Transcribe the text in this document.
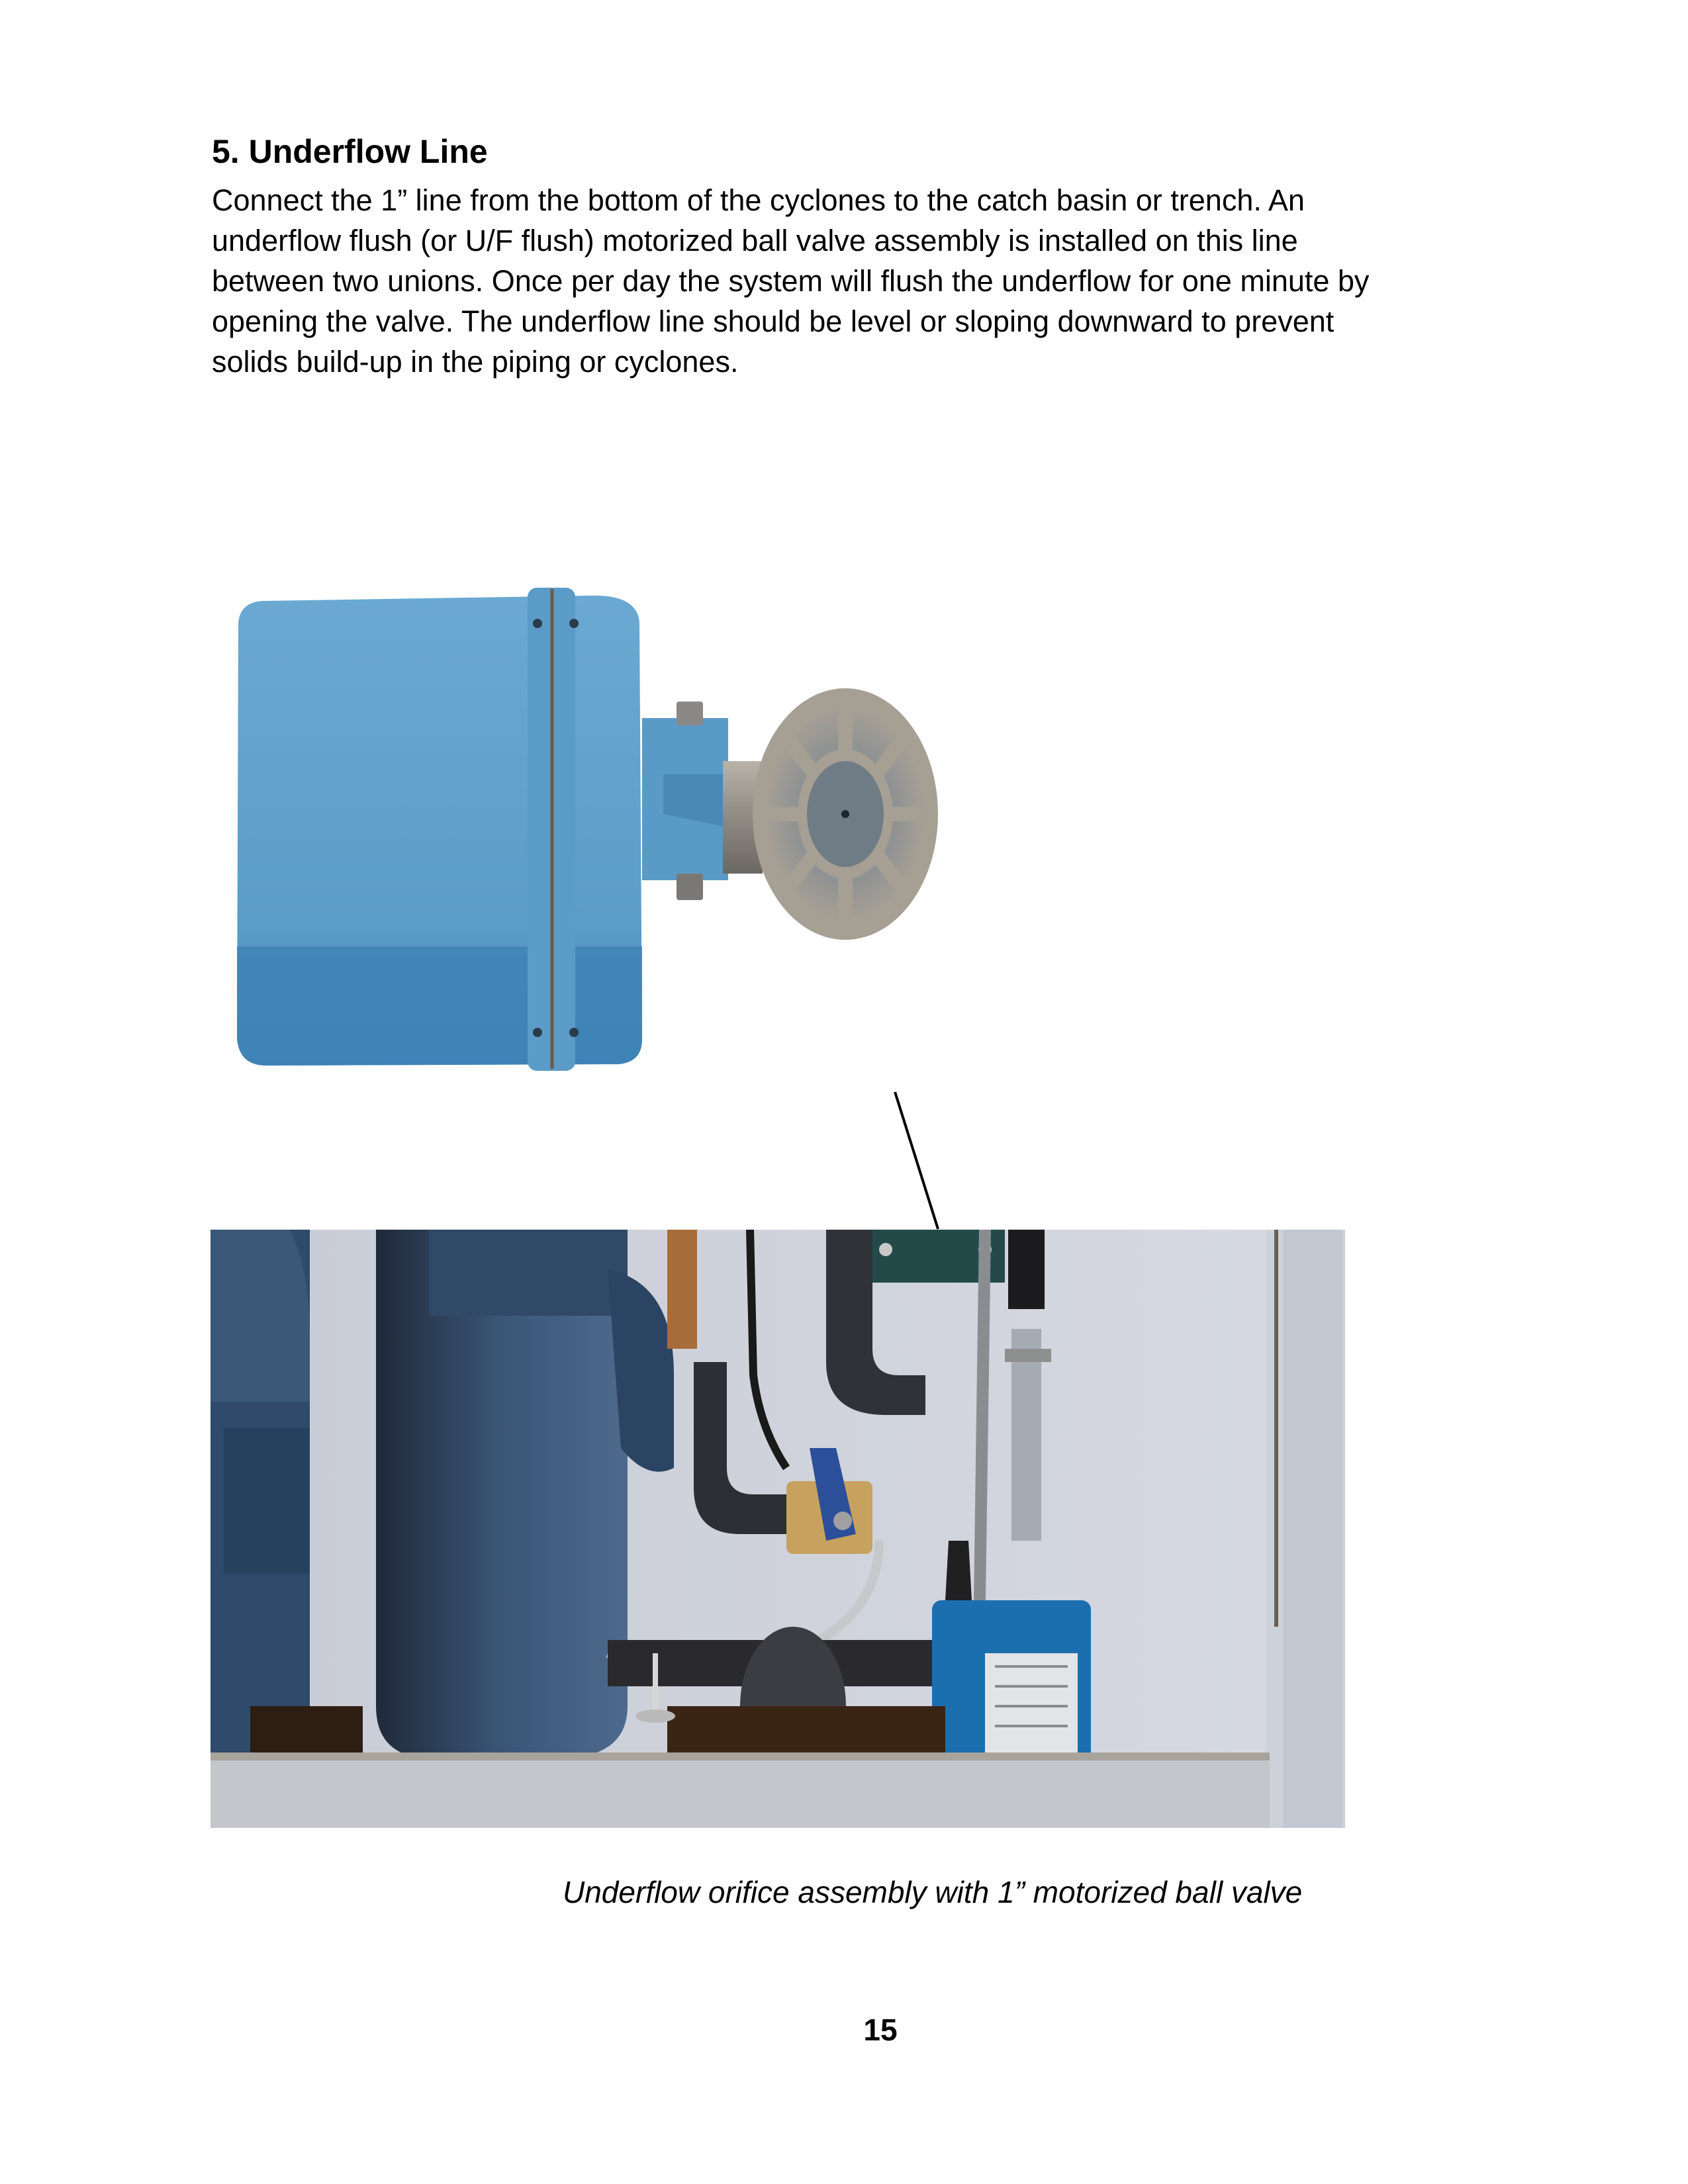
5. Underflow Line
Connect the 1” line from the bottom of the cyclones to the catch basin or trench. An
underflow flush (or U/F flush) motorized ball valve assembly is installed on this line
between two unions. Once per day the system will flush the underflow for one minute by
opening the valve. The underflow line should be level or sloping downward to prevent
solids build-up in the piping or cyclones.
Underflow orifice assembly with 1” motorized ball valve
15
